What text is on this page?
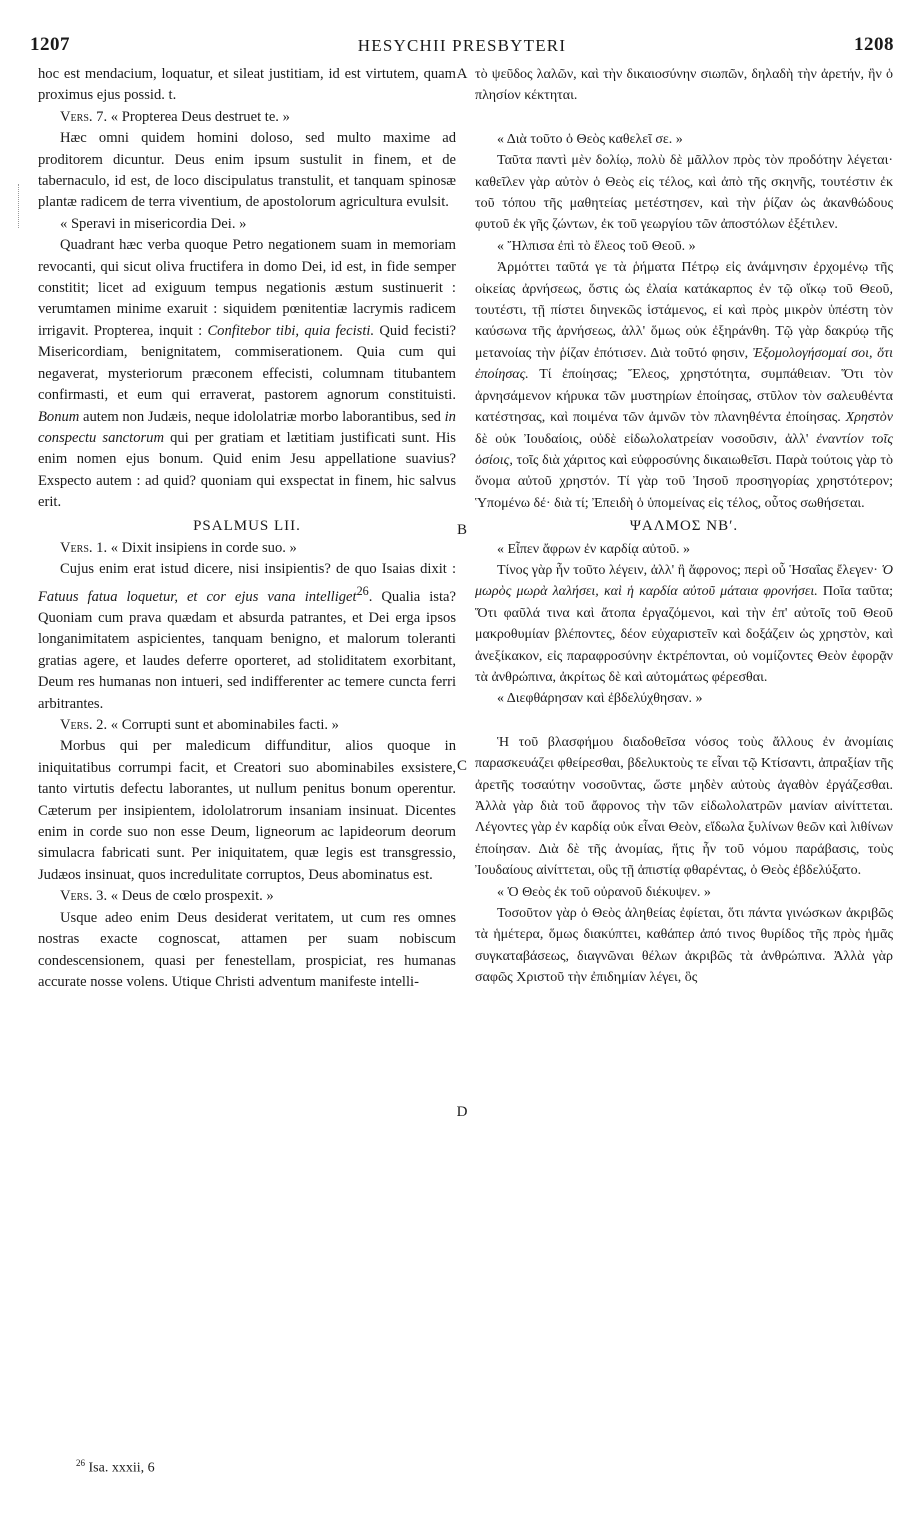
1207	HESYCHII PRESBYTERI	1208
A
B
C
D

hoc est mendacium, loquatur, et sileat justitiam, id est virtutem, quam proximus ejus possid. t.

Vers. 7. « Propterea Deus destruet te. »

Hæc omni quidem homini doloso, sed multo maxime ad proditorem dicuntur. Deus enim ipsum sustulit in finem, et de tabernaculo, id est, de loco discipulatus transtulit, et tanquam spinosæ plantæ radicem de terra viventium, de apostolorum agricultura evulsit.

« Speravi in misericordia Dei. »

Quadrant hæc verba quoque Petro negationem suam in memoriam revocanti, qui sicut oliva fructifera in domo Dei, id est, in fide semper constitit; licet ad exiguum tempus negationis æstum sustinuerit : verumtamen minime exaruit : siquidem pœnitentiæ lacrymis radicem irrigavit. Propterea, inquit : Confitebor tibi, quia fecisti. Quid fecisti? Misericordiam, benignitatem, commiserationem. Quia cum qui negaverat, mysteriorum præconem effecisti, columnam titubantem confirmasti, et eum qui erraverat, pastorem agnorum constituisti. Bonum autem non Judæis, neque idololatriæ morbo laborantibus, sed in conspectu sanctorum qui per gratiam et lætitiam justificati sunt. His enim nomen ejus bonum. Quid enim Jesu appellatione suavius? Exspecto autem : ad quid? quoniam qui exspectat in finem, hic salvus erit.

PSALMUS LII.

Vers. 1. « Dixit insipiens in corde suo. »

Cujus enim erat istud dicere, nisi insipientis? de quo Isaias dixit : Fatuus fatua loquetur, et cor ejus vana intelliget$^{26}$. Qualia ista? Quoniam cum prava quædam et absurda patrantes, et Dei erga ipsos longanimitatem aspicientes, tanquam benigno, et malorum toleranti gratias agere, et laudes deferre oporteret, ad stoliditatem exorbitant, Deum res humanas non intueri, sed indifferenter ac temere cuncta ferri arbitrantes.

Vers. 2. « Corrupti sunt et abominabiles facti. »

Morbus qui per maledicum diffunditur, alios quoque in iniquitatibus corrumpi facit, et Creatori suo abominabiles exsistere, tanto virtutis defectu laborantes, ut nullum penitus bonum operentur. Cæterum per insipientem, idololatrorum insaniam insinuat. Dicentes enim in corde suo non esse Deum, ligneorum ac lapideorum deorum simulacra fabricati sunt. Per iniquitatem, quæ legis est transgressio, Judæos insinuat, quos incredulitate corruptos, Deus abominatus est.

Vers. 3. « Deus de cœlo prospexit. »

Usque adeo enim Deus desiderat veritatem, ut cum res omnes nostras exacte cognoscat, attamen per suam nobiscum condescensionem, quasi per fenestellam, prospiciat, res humanas accurate nosse volens. Utique Christi adventum manifeste intelli-

τὸ ψεῦδος λαλῶν, καὶ τὴν δικαιοσύνην σιωπῶν, δηλαδὴ τὴν ἀρετήν, ἣν ὁ πλησίον κέκτηται.

« Διὰ τοῦτο ὁ Θεὸς καθελεῖ σε. »

Ταῦτα παντὶ μὲν δολίῳ, πολὺ δὲ μᾶλλον πρὸς τὸν προδότην λέγεται· καθεῖλεν γὰρ αὐτὸν ὁ Θεὸς εἰς τέλος, καὶ ἀπὸ τῆς σκηνῆς, τουτέστιν ἐκ τοῦ τόπου τῆς μαθητείας μετέστησεν, καὶ τὴν ῥίζαν ὡς ἀκανθώδους φυτοῦ ἐκ γῆς ζώντων, ἐκ τοῦ γεωργίου τῶν ἀποστόλων ἐξέτιλεν.

« Ἤλπισα ἐπὶ τὸ ἔλεος τοῦ Θεοῦ. »

Ἁρμόττει ταῦτά γε τὰ ῥήματα Πέτρῳ εἰς ἀνάμνησιν ἐρχομένῳ τῆς οἰκείας ἀρνήσεως, ὅστις ὡς ἐλαία κατάκαρπος ἐν τῷ οἴκῳ τοῦ Θεοῦ, τουτέστι, τῇ πίστει διηνεκῶς ἱστάμενος, εἰ καὶ πρὸς μικρὸν ὑπέστη τὸν καύσωνα τῆς ἀρνήσεως, ἀλλ' ὅμως οὐκ ἐξηράνθη. Τῷ γὰρ δακρύῳ τῆς μετανοίας τὴν ῥίζαν ἐπότισεν. Διὰ τοῦτό φησιν, Ἐξομολογήσομαί σοι, ὅτι ἐποίησας. Τί ἐποίησας; Ἔλεος, χρηστότητα, συμπάθειαν. Ὅτι τὸν ἀρνησάμενον κήρυκα τῶν μυστηρίων ἐποίησας, στῦλον τὸν σαλευθέντα κατέστησας, καὶ ποιμένα τῶν ἀμνῶν τὸν πλανηθέντα ἐποίησας. Χρηστὸν δὲ οὐκ Ἰουδαίοις, οὐδὲ εἰδωλολατρείαν νοσοῦσιν, ἀλλ' ἐναντίον τοῖς ὁσίοις, τοῖς διὰ χάριτος καὶ εὐφροσύνης δικαιωθεῖσι. Παρὰ τούτοις γὰρ τὸ ὄνομα αὐτοῦ χρηστόν. Τί γὰρ τοῦ Ἰησοῦ προσηγορίας χρηστότερον; Ὑπομένω δέ· διὰ τί; Ἐπειδὴ ὁ ὑπομείνας εἰς τέλος, οὗτος σωθήσεται.

ΨΑΛΜΟΣ ΝΒʹ.

« Εἶπεν ἄφρων ἐν καρδίᾳ αὐτοῦ. »

Τίνος γὰρ ἦν τοῦτο λέγειν, ἀλλ' ἢ ἄφρονος; περὶ οὗ Ἡσαΐας ἔλεγεν· Ὁ μωρὸς μωρὰ λαλήσει, καὶ ἡ καρδία αὐτοῦ μάταια φρονήσει. Ποῖα ταῦτα; Ὅτι φαῦλά τινα καὶ ἄτοπα ἐργαζόμενοι, καὶ τὴν ἐπ' αὐτοῖς τοῦ Θεοῦ μακροθυμίαν βλέποντες, δέον εὐχαριστεῖν καὶ δοξάζειν ὡς χρηστὸν, καὶ ἀνεξίκακον, εἰς παραφροσύνην ἐκτρέπονται, οὐ νομίζοντες Θεὸν ἐφορᾷν τὰ ἀνθρώπινα, ἀκρίτως δὲ καὶ αὐτομάτως φέρεσθαι.

« Διεφθάρησαν καὶ ἐβδελύχθησαν. »

Ἡ τοῦ βλασφήμου διαδοθεῖσα νόσος τοὺς ἄλλους ἐν ἀνομίαις παρασκευάζει φθείρεσθαι, βδελυκτοὺς τε εἶναι τῷ Κτίσαντι, ἀπραξίαν τῆς ἀρετῆς τοσαύτην νοσοῦντας, ὥστε μηδὲν αὐτοὺς ἀγαθὸν ἐργάζεσθαι. Ἀλλὰ γὰρ διὰ τοῦ ἄφρονος τὴν τῶν εἰδωλολατρῶν μανίαν αἰνίττεται. Λέγοντες γὰρ ἐν καρδίᾳ οὐκ εἶναι Θεὸν, εἴδωλα ξυλίνων θεῶν καὶ λιθίνων ἐποίησαν. Διὰ δὲ τῆς ἀνομίας, ἥτις ἦν τοῦ νόμου παράβασις, τοὺς Ἰουδαίους αἰνίττεται, οὓς τῇ ἀπιστίᾳ φθαρέντας, ὁ Θεὸς ἐβδελύξατο.

« Ὁ Θεὸς ἐκ τοῦ οὐρανοῦ διέκυψεν. »

Τοσοῦτον γὰρ ὁ Θεὸς ἀληθείας ἐφίεται, ὅτι πάντα γινώσκων ἀκριβῶς τὰ ἡμέτερα, ὅμως διακύπτει, καθάπερ ἀπό τινος θυρίδος τῆς πρὸς ἡμᾶς συγκαταβάσεως, διαγνῶναι θέλων ἀκριβῶς τὰ ἀνθρώπινα. Ἀλλὰ γὰρ σαφῶς Χριστοῦ τὴν ἐπιδημίαν λέγει, ὃς

$^{26}$ Isa. xxxii, 6
